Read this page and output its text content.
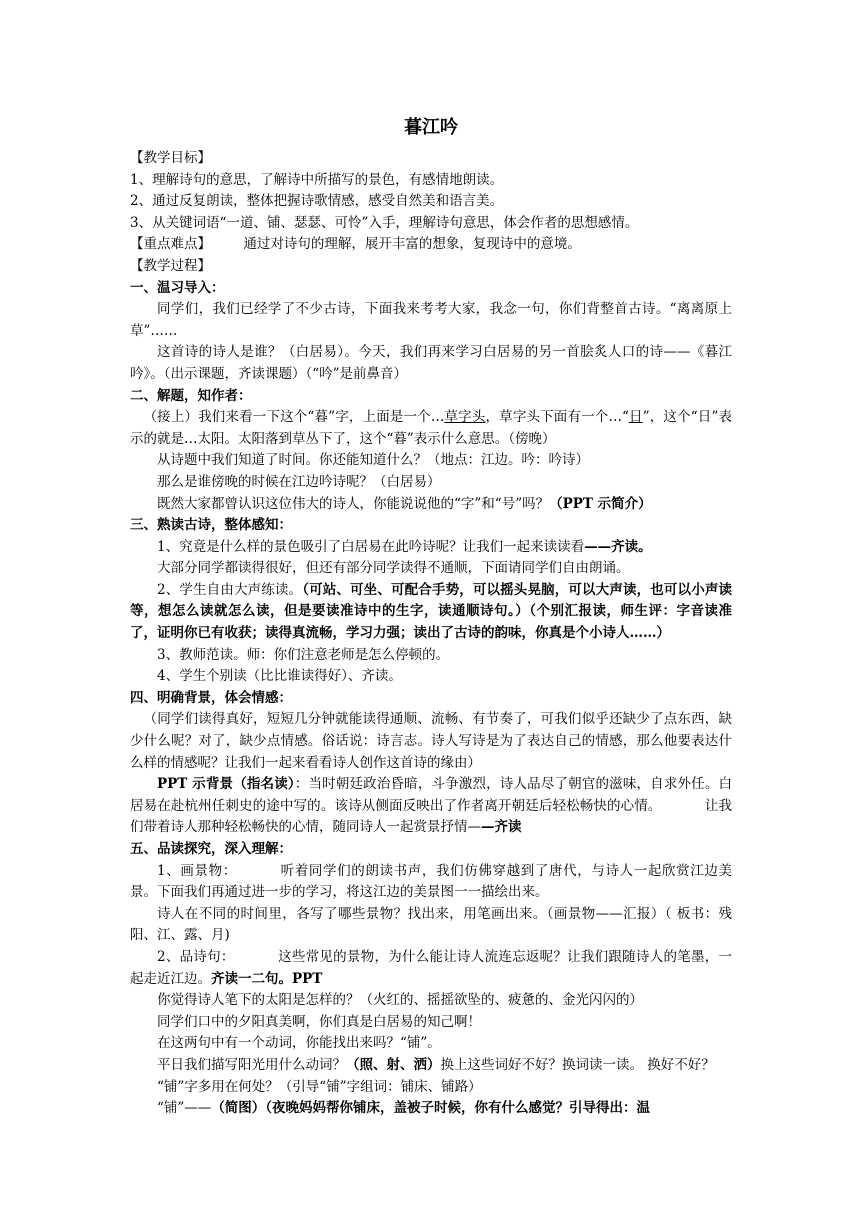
暮江吟

【教学目标】

1、理解诗句的意思，了解诗中所描写的景色，有感情地朗读。

2、通过反复朗读，整体把握诗歌情感，感受自然美和语言美。

3、从关键词语“一道、铺、瑟瑟、可怜”入手，理解诗句意思，体会作者的思想感情。

【重点难点】 通过对诗句的理解，展开丰富的想象，复现诗中的意境。

【教学过程】

一、温习导入：

同学们，我们已经学了不少古诗，下面我来考考大家，我念一句，你们背整首古诗。“离离原上草”……

这首诗的诗人是谁？（白居易）。今天，我们再来学习白居易的另一首脍炙人口的诗——《暮江吟》。（出示课题，齐读课题）（“吟”是前鼻音）

二、解题，知作者：

（接上）我们来看一下这个“暮”字，上面是一个…草字头，草字头下面有一个…“日”，这个“日”表示的就是…太阳。太阳落到草丛下了，这个“暮”表示什么意思。（傍晚）

从诗题中我们知道了时间。你还能知道什么？（地点：江边。吟：吟诗）

那么是谁傍晚的时候在江边吟诗呢？（白居易）

既然大家都曾认识这位伟大的诗人，你能说说他的“字”和“号”吗？（PPT 示简介）

三、熟读古诗，整体感知：

1、究竟是什么样的景色吸引了白居易在此吟诗呢？让我们一起来读读看——齐读。

大部分同学都读得很好，但还有部分同学读得不通顺，下面请同学们自由朗诵。

2、学生自由大声练读。（可站、可坐、可配合手势，可以摇头晃脑，可以大声读，也可以小声读等，想怎么读就怎么读，但是要读准诗中的生字，读通顺诗句。）（个别汇报读，师生评：字音读准了，证明你已有收获；读得真流畅，学习力强；读出了古诗的韵味，你真是个小诗人……）

3、教师范读。师：你们注意老师是怎么停顿的。

4、学生个别读（比比谁读得好）、齐读。

四、明确背景，体会情感：

（同学们读得真好，短短几分钟就能读得通顺、流畅、有节奏了，可我们似乎还缺少了点东西，缺少什么呢？对了，缺少点情感。俗话说：诗言志。诗人写诗是为了表达自己的情感，那么他要表达什么样的情感呢？让我们一起来看看诗人创作这首诗的缘由）

PPT 示背景（指名读）：当时朝廷政治昏暗，斗争激烈，诗人品尽了朝官的滋味，自求外任。白居易在赴杭州任刺史的途中写的。该诗从侧面反映出了作者离开朝廷后轻松畅快的心情。	让我们带着诗人那种轻松畅快的心情，随同诗人一起赏景抒情——齐读

五、品读探究，深入理解：

1、画景物：	听着同学们的朗读书声，我们仿佛穿越到了唐代，与诗人一起欣赏江边美景。下面我们再通过进一步的学习，将这江边的美景图一一描绘出来。

诗人在不同的时间里，各写了哪些景物？找出来，用笔画出来。（画景物——汇报）（ 板书：残阳、江、露、月)

2、品诗句：	这些常见的景物，为什么能让诗人流连忘返呢？让我们跟随诗人的笔墨，一起走近江边。齐读一二句。PPT

你觉得诗人笔下的太阳是怎样的？（火红的、摇摇欲坠的、疲惫的、金光闪闪的）

同学们口中的夕阳真美啊，你们真是白居易的知己啊！

在这两句中有一个动词，你能找出来吗？“铺”。

平日我们描写阳光用什么动词？（照、射、洒）换上这些词好不好？换词读一读。 换好不好？

“铺”字多用在何处？（引导“铺”字组词：铺床、铺路）

“铺”——（简图）（夜晚妈妈帮你铺床，盖被子时候，你有什么感觉？引导得出：温
